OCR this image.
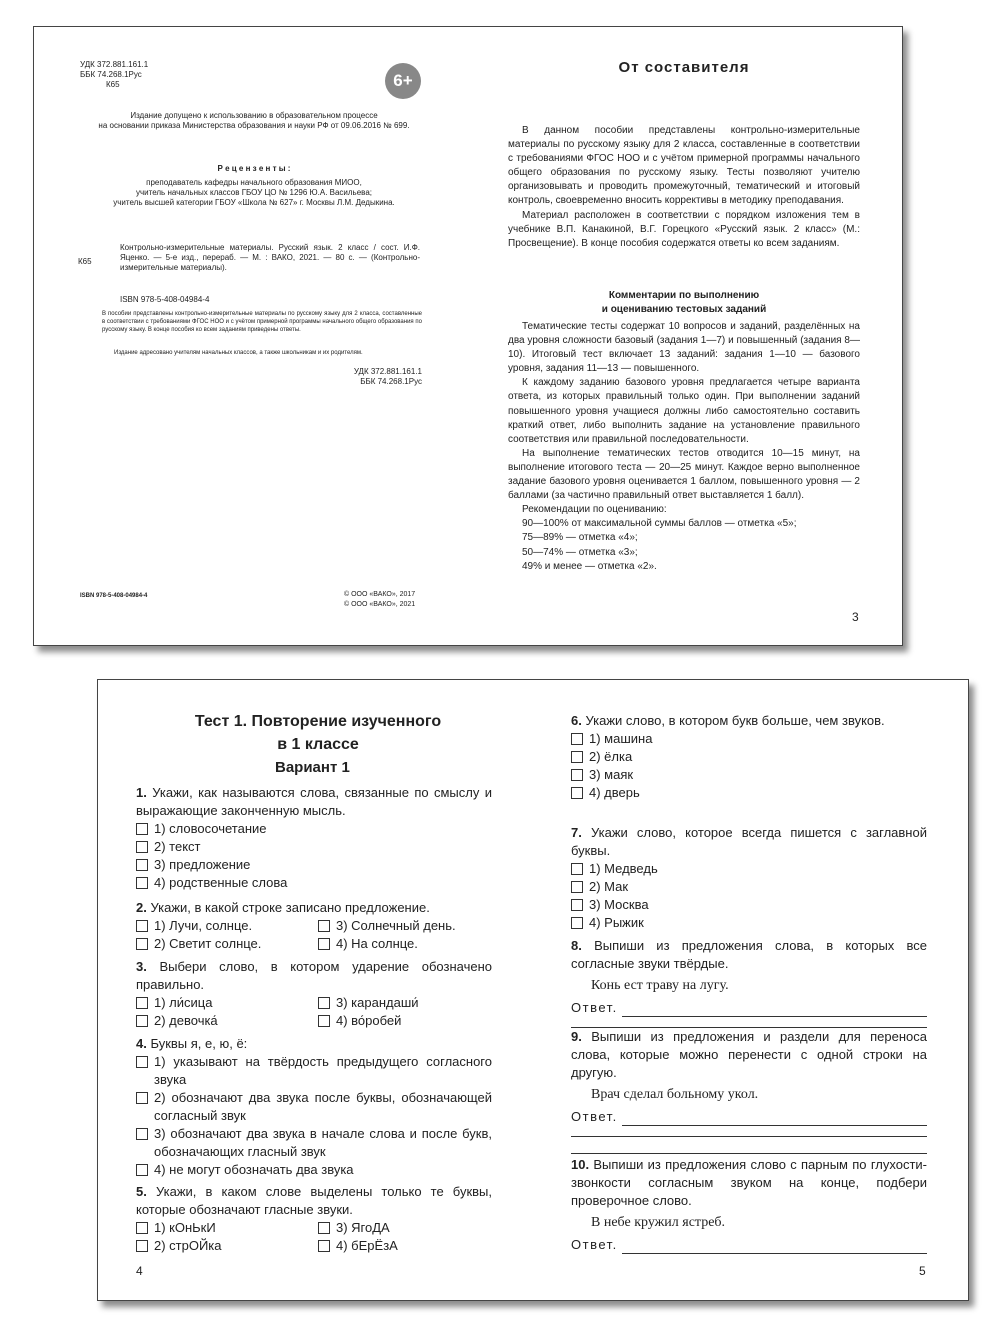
УДК 372.881.161.1
ББК 74.268.1Рус
К65	6+
Издание допущено к использованию в образовательном процессе
на основании приказа Министерства образования и науки РФ от 09.06.2016 № 699.
Р е ц е н з е н т ы :
преподаватель кафедры начального образования МИОО,
учитель начальных классов ГБОУ ЦО № 1296 Ю.А. Васильева;
учитель высшей категории ГБОУ «Школа № 627» г. Москвы Л.М. Дедыкина.
К65
Контрольно-измерительные материалы. Русский язык. 2 класс / сост. И.Ф. Яценко. — 5-е изд., перераб. — М. : ВАКО, 2021. — 80 с. — (Контрольно-измерительные материалы).
ISBN 978-5-408-04984-4
В пособии представлены контрольно-измерительные материалы по русскому языку для 2 класса, составленные в соответствии с требованиями ФГОС НОО и с учётом примерной программы начального общего образования по русскому языку. В конце пособия ко всем заданиям приведены ответы.
Издание адресовано учителям начальных классов, а также школьникам и их родителям.
УДК 372.881.161.1
ББК 74.268.1Рус
ISBN 978-5-408-04984-4	© ООО «ВАКО», 2017
© ООО «ВАКО», 2021
От составителя

В данном пособии представлены контрольно-измерительные материалы по русскому языку для 2 класса, составленные в соответствии с требованиями ФГОС НОО и с учётом примерной программы начального общего образования по русскому языку. Тесты позволяют учителю организовывать и проводить промежуточный, тематический и итоговый контроль, своевременно вносить коррективы в методику преподавания.

Материал расположен в соответствии с порядком изложения тем в учебнике В.П. Канакиной, В.Г. Горецкого «Русский язык. 2 класс» (М.: Просвещение). В конце пособия содержатся ответы ко всем заданиям.

Комментарии по выполнению
и оцениванию тестовых заданий

Тематические тесты содержат 10 вопросов и заданий, разделённых на два уровня сложности базовый (задания 1—7) и повышенный (задания 8—10). Итоговый тест включает 13 заданий: задания 1—10 — базового уровня, задания 11—13 — повышенного.

К каждому заданию базового уровня предлагается четыре варианта ответа, из которых правильный только один. При выполнении заданий повышенного уровня учащиеся должны либо самостоятельно составить краткий ответ, либо выполнить задание на установление правильного соответствия или правильной последовательности.

На выполнение тематических тестов отводится 10—15 минут, на выполнение итогового теста — 20—25 минут. Каждое верно выполненное задание базового уровня оценивается 1 баллом, повышенного уровня — 2 баллами (за частично правильный ответ выставляется 1 балл).

Рекомендации по оцениванию:

90—100% от максимальной суммы баллов — отметка «5»;

75—89% — отметка «4»;

50—74% — отметка «3»;

49% и менее — отметка «2».

3
Тест 1. Повторение изученного
в 1 классе
Вариант 1

1. Укажи, как называются слова, связанные по смыслу и выражающие законченную мысль.

1) словосочетание
2) текст
3) предложение
4) родственные слова

2. Укажи, в какой строке записано предложение.

1) Лучи, солнце.
2) Светит солнце.
3) Солнечный день.
4) На солнце.

3. Выбери слово, в котором ударение обозначено правильно.

1) ли́сица
2) девочка́
3) карандаши́
4) во́робей

4. Буквы я, е, ю, ё:

1) указывают на твёрдость предыдущего согласного звука
2) обозначают два звука после буквы, обозначающей согласный звук
3) обозначают два звука в начале слова и после букв, обозначающих гласный звук
4) не могут обозначать два звука

5. Укажи, в каком слове выделены только те буквы, которые обозначают гласные звуки.

1) кОнЬкИ
2) стрОЙка
3) ЯгоДА
4) бЕрЁзА
4

6. Укажи слово, в котором букв больше, чем звуков.

1) машина
2) ёлка
3) маяк
4) дверь

7. Укажи слово, которое всегда пишется с заглавной буквы.

1) Медведь
2) Мак
3) Москва
4) Рыжик

8. Выпиши из предложения слова, в которых все согласные звуки твёрдые.

Конь ест траву на лугу.
Ответ.

9. Выпиши из предложения и раздели для переноса слова, которые можно перенести с одной строки на другую.

Врач сделал больному укол.
Ответ.

10. Выпиши из предложения слово с парным по глухости-звонкости согласным звуком на конце, подбери проверочное слово.

В небе кружил ястреб.
Ответ.
5
